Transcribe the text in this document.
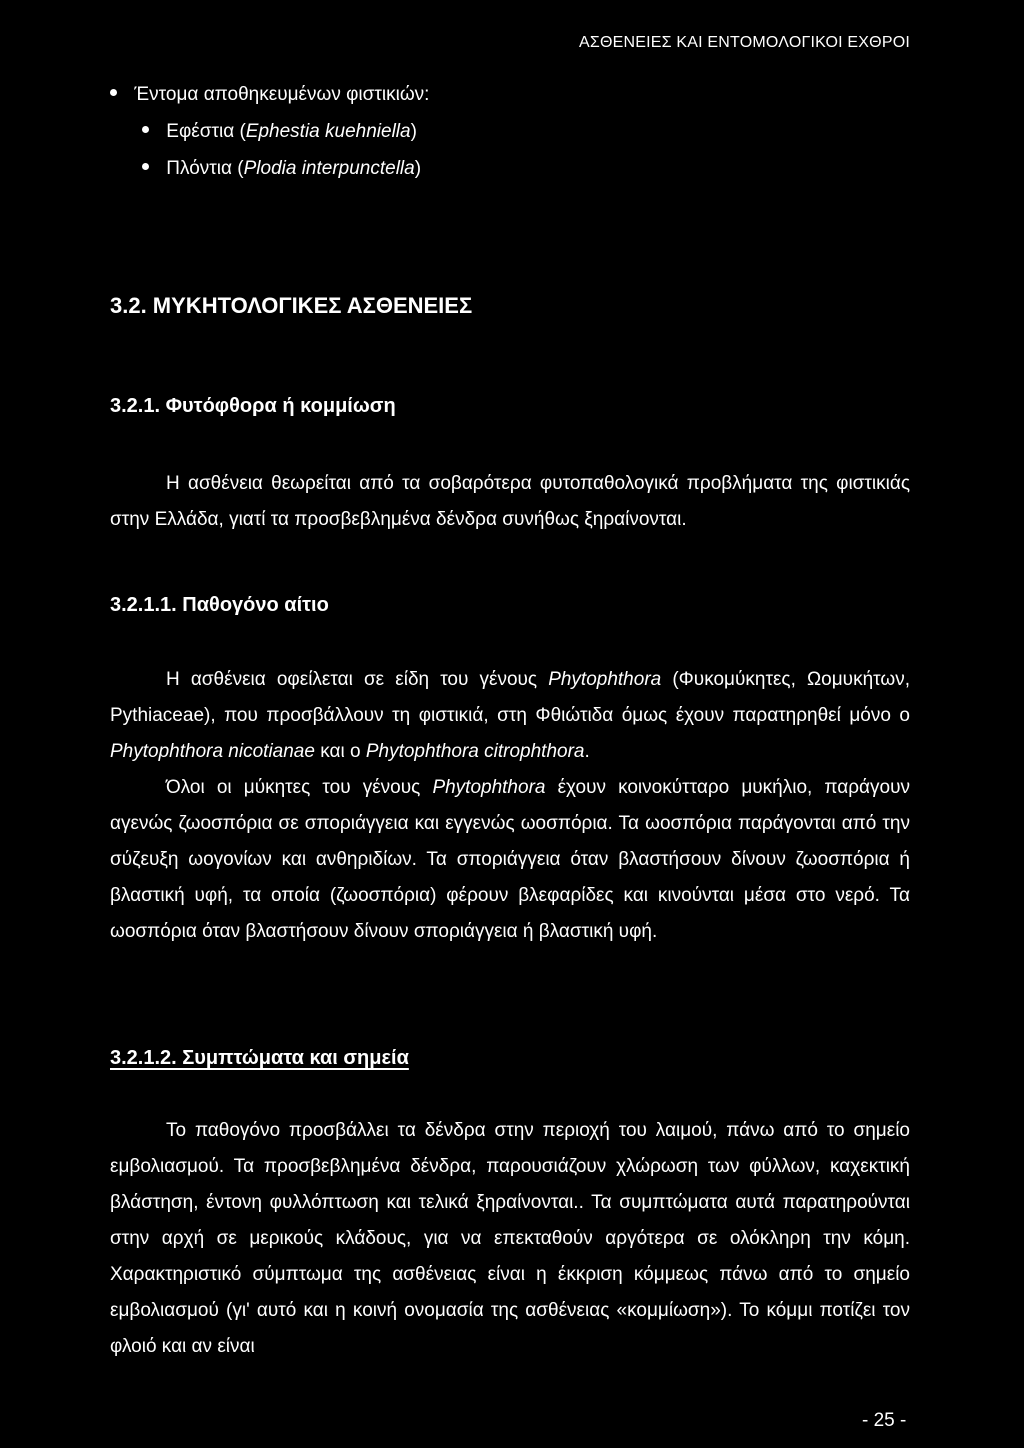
ΑΣΘΕΝΕΙΕΣ ΚΑΙ ΕΝΤΟΜΟΛΟΓΙΚΟΙ ΕΧΘΡΟΙ
Έντομα αποθηκευμένων φιστικιών:
Εφέστια (Ephestia kuehniella)
Πλόντια (Plodia interpunctella)
3.2. ΜΥΚΗΤΟΛΟΓΙΚΕΣ ΑΣΘΕΝΕΙΕΣ
3.2.1. Φυτόφθορα ή κομμίωση

Η ασθένεια θεωρείται από τα σοβαρότερα φυτοπαθολογικά προβλήματα της φιστικιάς στην Ελλάδα, γιατί τα προσβεβλημένα δένδρα συνήθως ξηραίνονται.

3.2.1.1. Παθογόνο αίτιο

Η ασθένεια οφείλεται σε είδη του γένους Phytophthora (Φυκομύκητες, Ωομυκήτων, Pythiaceae), που προσβάλλουν τη φιστικιά, στη Φθιώτιδα όμως έχουν παρατηρηθεί μόνο ο Phytophthora nicotianae και ο Phytophthora citrophthora.

Όλοι οι μύκητες του γένους Phytophthora έχουν κοινοκύτταρο μυκήλιο, παράγουν αγενώς ζωοσπόρια σε σποριάγγεια και εγγενώς ωοσπόρια. Τα ωοσπόρια παράγονται από την σύζευξη ωογονίων και ανθηριδίων. Τα σποριάγγεια όταν βλαστήσουν δίνουν ζωοσπόρια ή βλαστική υφή, τα οποία (ζωοσπόρια) φέρουν βλεφαρίδες και κινούνται μέσα στο νερό. Τα ωοσπόρια όταν βλαστήσουν δίνουν σποριάγγεια ή βλαστική υφή.

3.2.1.2. Συμπτώματα και σημεία

Το παθογόνο προσβάλλει τα δένδρα στην περιοχή του λαιμού, πάνω από το σημείο εμβολιασμού. Τα προσβεβλημένα δένδρα, παρουσιάζουν χλώρωση των φύλλων, καχεκτική βλάστηση, έντονη φυλλόπτωση και τελικά ξηραίνονται.. Τα συμπτώματα αυτά παρατηρούνται στην αρχή σε μερικούς κλάδους, για να επεκταθούν αργότερα σε ολόκληρη την κόμη. Χαρακτηριστικό σύμπτωμα της ασθένειας είναι η έκκριση κόμμεως πάνω από το σημείο εμβολιασμού (γι' αυτό και η κοινή ονομασία της ασθένειας «κομμίωση»). Το κόμμι ποτίζει τον φλοιό και αν είναι

- 25 -
